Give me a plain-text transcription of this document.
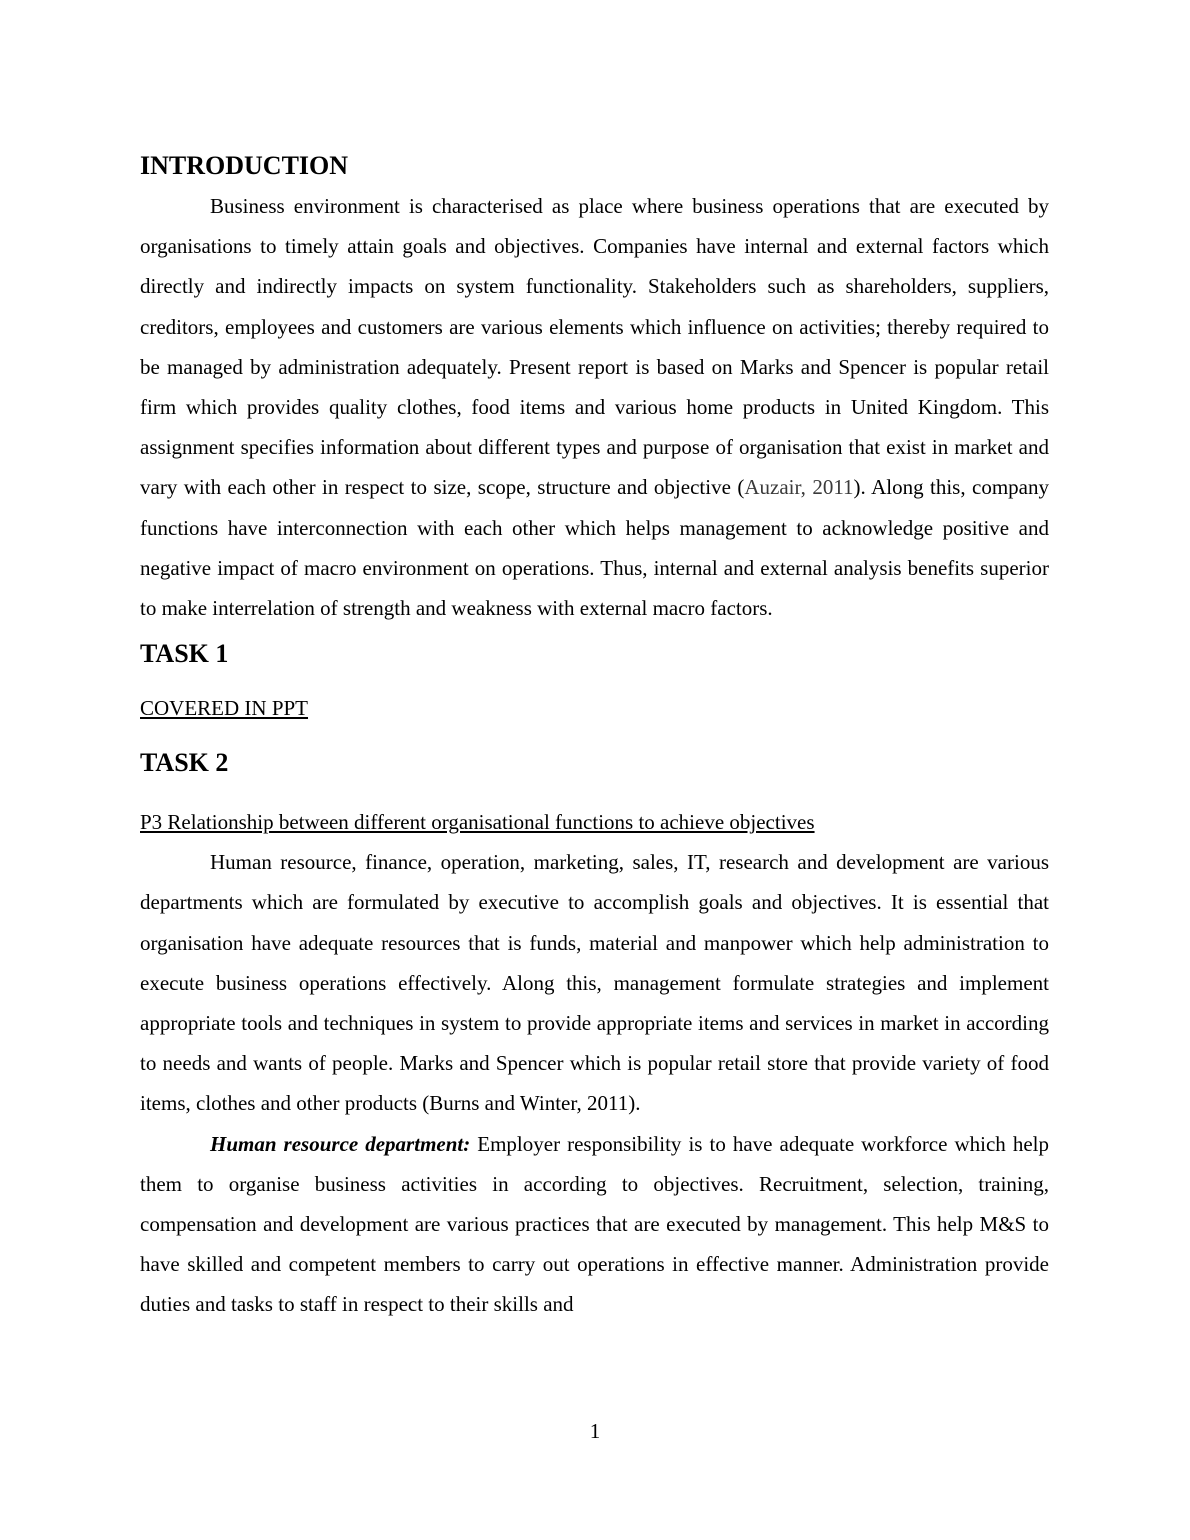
INTRODUCTION

Business environment is characterised as place where business operations that are executed by organisations to timely attain goals and objectives. Companies have internal and external factors which directly and indirectly impacts on system functionality. Stakeholders such as shareholders, suppliers, creditors, employees and customers are various elements which influence on activities; thereby required to be managed by administration adequately. Present report is based on Marks and Spencer is popular retail firm which provides quality clothes, food items and various home products in United Kingdom. This assignment specifies information about different types and purpose of organisation that exist in market and vary with each other in respect to size, scope, structure and objective (Auzair, 2011). Along this, company functions have interconnection with each other which helps management to acknowledge positive and negative impact of macro environment on operations. Thus, internal and external analysis benefits superior to make interrelation of strength and weakness with external macro factors.

TASK 1

COVERED IN PPT

TASK 2

P3 Relationship between different organisational functions to achieve objectives

Human resource, finance, operation, marketing, sales, IT, research and development are various departments which are formulated by executive to accomplish goals and objectives. It is essential that organisation have adequate resources that is funds, material and manpower which help administration to execute business operations effectively. Along this, management formulate strategies and implement appropriate tools and techniques in system to provide appropriate items and services in market in according to needs and wants of people. Marks and Spencer which is popular retail store that provide variety of food items, clothes and other products (Burns and Winter, 2011).

Human resource department: Employer responsibility is to have adequate workforce which help them to organise business activities in according to objectives. Recruitment, selection, training, compensation and development are various practices that are executed by management. This help M&S to have skilled and competent members to carry out operations in effective manner. Administration provide duties and tasks to staff in respect to their skills and

1
